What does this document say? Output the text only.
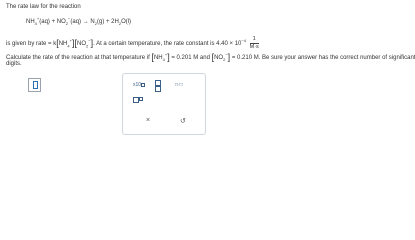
The rate law for the reaction
$NH_4^+(aq) + NO_2^-(aq) \to N_2(g) + 2H_2O(l)$
is given by rate = $k[NH_4^+][NO_2^-]$. At a certain temperature, the rate constant is $4.40 \times 10^{-4} \frac{1}{M\cdot s}$
Calculate the rate of the reaction at that temperature if $[NH_4^+] = 0.201$ M and $[NO_2^-] = 0.210$ M. Be sure your answer has the correct number of significant
digits.
x10	□·□
×	↺
